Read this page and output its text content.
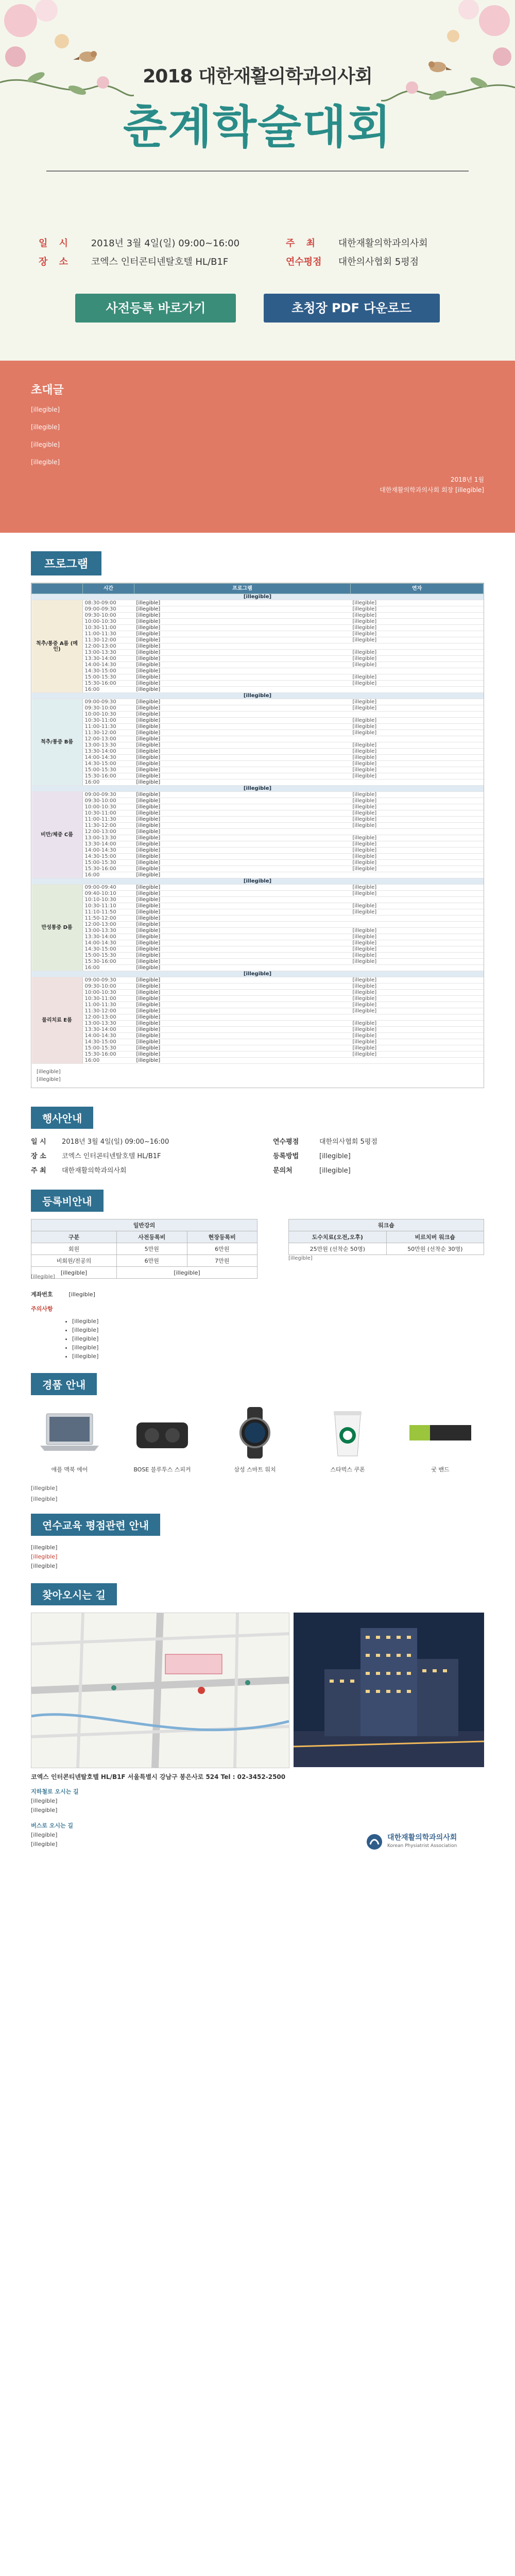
2018 대한재활의학과의사회
춘계학술대회
일 시 2018년 3월 4일(일) 09:00~16:00
장 소 코엑스 인터콘티넨탈호텔 HL/B1F
주 최 대한재활의학과의사회
연수평점 대한의사협회 5평점
사전등록 바로가기	초청장 PDF 다운로드
초대글

[illegible]

[illegible]

[illegible]

[illegible]

2018년 1월
대한재활의학과의사회 회장 [illegible]
프로그램
	시간	프로그램	연자
[illegible]			
척추/통증 A룸 (메인)	08:30-09:00	[illegible]	[illegible]
	09:00-09:30	[illegible]	[illegible]
	09:30-10:00	[illegible]	[illegible]
	10:00-10:30	[illegible]	[illegible]
	10:30-11:00	[illegible]	[illegible]
	11:00-11:30	[illegible]	[illegible]
	11:30-12:00	[illegible]	[illegible]
	12:00-13:00	[illegible]	
	13:00-13:30	[illegible]	[illegible]
	13:30-14:00	[illegible]	[illegible]
	14:00-14:30	[illegible]	[illegible]
	14:30-15:00	[illegible]	
	15:00-15:30	[illegible]	[illegible]
	15:30-16:00	[illegible]	[illegible]
	16:00	[illegible]	
[illegible]			
척추/통증 B룸	09:00-09:30	[illegible]	[illegible]
	09:30-10:00	[illegible]	[illegible]
	10:00-10:30	[illegible]	
	10:30-11:00	[illegible]	[illegible]
	11:00-11:30	[illegible]	[illegible]
	11:30-12:00	[illegible]	[illegible]
	12:00-13:00	[illegible]	
	13:00-13:30	[illegible]	[illegible]
	13:30-14:00	[illegible]	[illegible]
	14:00-14:30	[illegible]	[illegible]
	14:30-15:00	[illegible]	[illegible]
	15:00-15:30	[illegible]	[illegible]
	15:30-16:00	[illegible]	[illegible]
	16:00	[illegible]	
[illegible]			
비만/체중 C룸	09:00-09:30	[illegible]	[illegible]
	09:30-10:00	[illegible]	[illegible]
	10:00-10:30	[illegible]	[illegible]
	10:30-11:00	[illegible]	[illegible]
	11:00-11:30	[illegible]	[illegible]
	11:30-12:00	[illegible]	[illegible]
	12:00-13:00	[illegible]	
	13:00-13:30	[illegible]	[illegible]
	13:30-14:00	[illegible]	[illegible]
	14:00-14:30	[illegible]	[illegible]
	14:30-15:00	[illegible]	[illegible]
	15:00-15:30	[illegible]	[illegible]
	15:30-16:00	[illegible]	[illegible]
	16:00	[illegible]	
[illegible]			
만성통증 D룸	09:00-09:40	[illegible]	[illegible]
	09:40-10:10	[illegible]	[illegible]
	10:10-10:30	[illegible]	
	10:30-11:10	[illegible]	[illegible]
	11:10-11:50	[illegible]	[illegible]
	11:50-12:00	[illegible]	
	12:00-13:00	[illegible]	
	13:00-13:30	[illegible]	[illegible]
	13:30-14:00	[illegible]	[illegible]
	14:00-14:30	[illegible]	[illegible]
	14:30-15:00	[illegible]	[illegible]
	15:00-15:30	[illegible]	[illegible]
	15:30-16:00	[illegible]	[illegible]
	16:00	[illegible]	
[illegible]			
물리치료 E룸	09:00-09:30	[illegible]	[illegible]
	09:30-10:00	[illegible]	[illegible]
	10:00-10:30	[illegible]	[illegible]
	10:30-11:00	[illegible]	[illegible]
	11:00-11:30	[illegible]	[illegible]
	11:30-12:00	[illegible]	[illegible]
	12:00-13:00	[illegible]	
	13:00-13:30	[illegible]	[illegible]
	13:30-14:00	[illegible]	[illegible]
	14:00-14:30	[illegible]	[illegible]
	14:30-15:00	[illegible]	[illegible]
	15:00-15:30	[illegible]	[illegible]
	15:30-16:00	[illegible]	[illegible]
	16:00	[illegible]	
[illegible]
[illegible]
행사안내
일 시 2018년 3월 4일(일) 09:00~16:00
장 소 코엑스 인터콘티넨탈호텔 HL/B1F
주 최 대한재활의학과의사회
연수평점	대한의사협회 5평점
등록방법	[illegible]
문의처	[illegible]
등록비안내
일반강의		
구분	사전등록비	현장등록비
회원	5만원	6만원
비회원/전공의	6만원	7만원
[illegible]	[illegible]	
워크숍	
도수치료(오전,오후)	비르치버 워크숍
25만원 (선착순 50명)	50만원 (선착순 30명)
[illegible]
[illegible]
계좌번호	[illegible]
주의사항
• [illegible]
• [illegible]
• [illegible]
• [illegible]
• [illegible]
경품 안내
애플 맥북 에어	BOSE 블루투스 스피커	삼성 스마트 워치	스타벅스 쿠폰	굿 밴드
[illegible]
[illegible]
연수교육 평점관련 안내
[illegible]
[illegible]
[illegible]
찾아오시는 길
코엑스 인터콘티넨탈호텔 HL/B1F 서울특별시 강남구 봉은사로 524 Tel : 02-3452-2500
지하철로 오시는 길
[illegible]
[illegible]
버스로 오시는 길
[illegible]
[illegible]
대한재활의학과의사회
Korean Physiatrist Association
